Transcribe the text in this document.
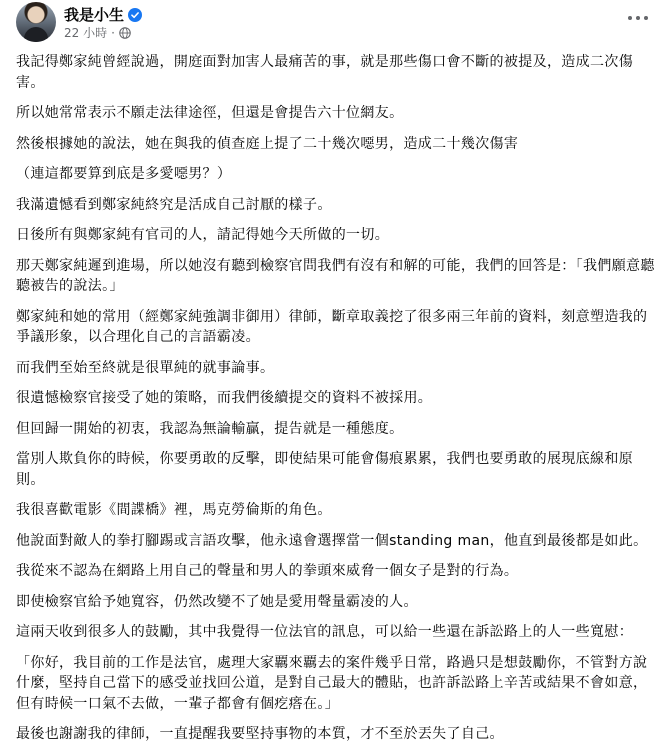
我是小生
22 小時 ·

我記得鄭家純曾經說過，開庭面對加害人最痛苦的事，就是那些傷口會不斷的被提及，造成二次傷害。

所以她常常表示不願走法律途徑，但還是會提告六十位網友。

然後根據她的說法，她在與我的偵查庭上提了二十幾次噁男，造成二十幾次傷害

（連這都要算到底是多愛噁男？）

我滿遺憾看到鄭家純終究是活成自己討厭的樣子。

日後所有與鄭家純有官司的人，請記得她今天所做的一切。

那天鄭家純遲到進場，所以她沒有聽到檢察官問我們有沒有和解的可能，我們的回答是：「我們願意聽聽被告的說法。」

鄭家純和她的常用（經鄭家純強調非御用）律師，斷章取義挖了很多兩三年前的資料，刻意塑造我的爭議形象，以合理化自己的言語霸凌。

而我們至始至終就是很單純的就事論事。

很遺憾檢察官接受了她的策略，而我們後續提交的資料不被採用。

但回歸一開始的初衷，我認為無論輸贏，提告就是一種態度。

當別人欺負你的時候，你要勇敢的反擊，即使結果可能會傷痕累累，我們也要勇敢的展現底線和原則。

我很喜歡電影《間諜橋》裡，馬克勞倫斯的角色。

他說面對敵人的拳打腳踢或言語攻擊，他永遠會選擇當一個standing man，他直到最後都是如此。

我從來不認為在網路上用自己的聲量和男人的拳頭來威脅一個女子是對的行為。

即使檢察官給予她寬容，仍然改變不了她是愛用聲量霸凌的人。

這兩天收到很多人的鼓勵，其中我覺得一位法官的訊息，可以給一些還在訴訟路上的人一些寬慰：

「你好，我目前的工作是法官，處理大家覊來覊去的案件幾乎日常，路過只是想鼓勵你，不管對方說什麼，堅持自己當下的感受並找回公道，是對自己最大的體貼，也許訴訟路上辛苦或結果不會如意，但有時候一口氣不去做，一輩子都會有個疙瘩在。」

最後也謝謝我的律師，一直提醒我要堅持事物的本質，才不至於丟失了自己。
